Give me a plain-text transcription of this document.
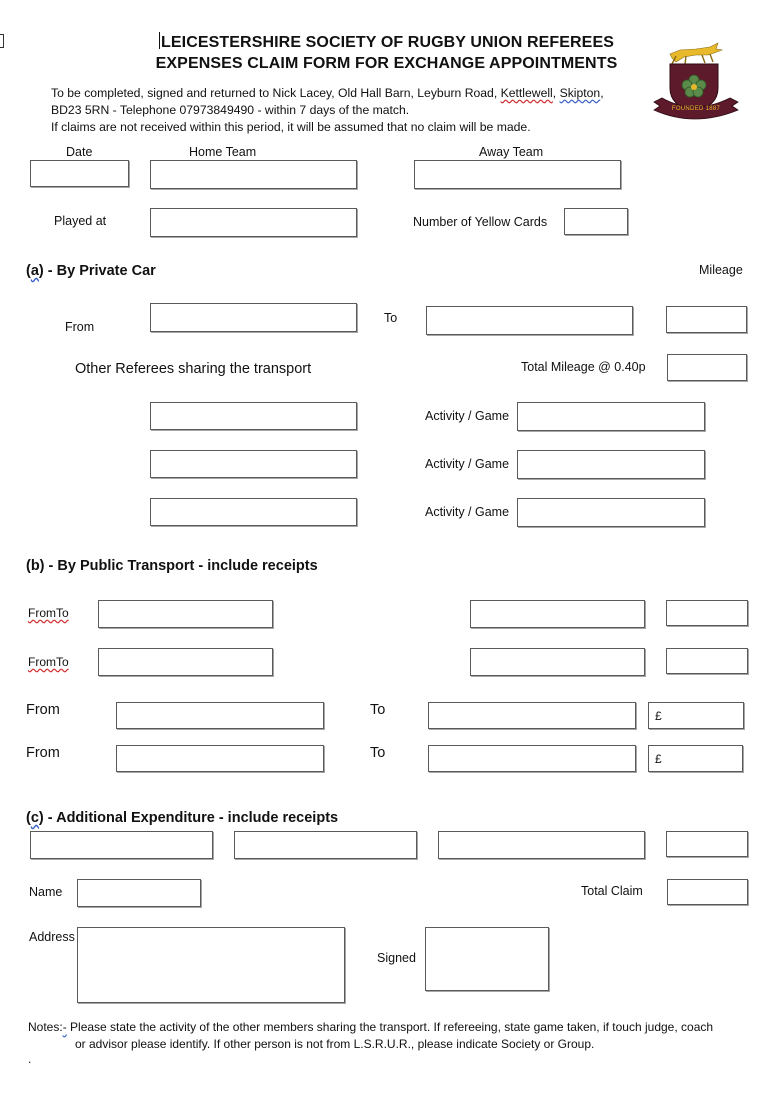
LEICESTERSHIRE SOCIETY OF RUGBY UNION REFEREES
EXPENSES CLAIM FORM FOR EXCHANGE APPOINTMENTS
FOUNDED 1887
To be completed, signed and returned to Nick Lacey, Old Hall Barn, Leyburn Road, Kettlewell, Skipton,
BD23 5RN - Telephone 07973849490 - within 7 days of the match.
If claims are not received within this period, it will be assumed that no claim will be made.
Date	Home Team	Away Team
Played at	Number of Yellow Cards
(a) - By Private Car	Mileage
From
To
Other Referees sharing the transport	Total Mileage @ 0.40p
Activity / Game
Activity / Game
Activity / Game
(b) - By Public Transport - include receipts
FromTo
FromTo
From	To	£
From	To	£
(c) - Additional Expenditure - include receipts
Name	Total Claim
Address
Signed
Notes:- Please state the activity of the other members sharing the transport. If refereeing, state game taken, if touch judge, coach
or advisor please identify. If other person is not from L.S.R.U.R., please indicate Society or Group.
.
